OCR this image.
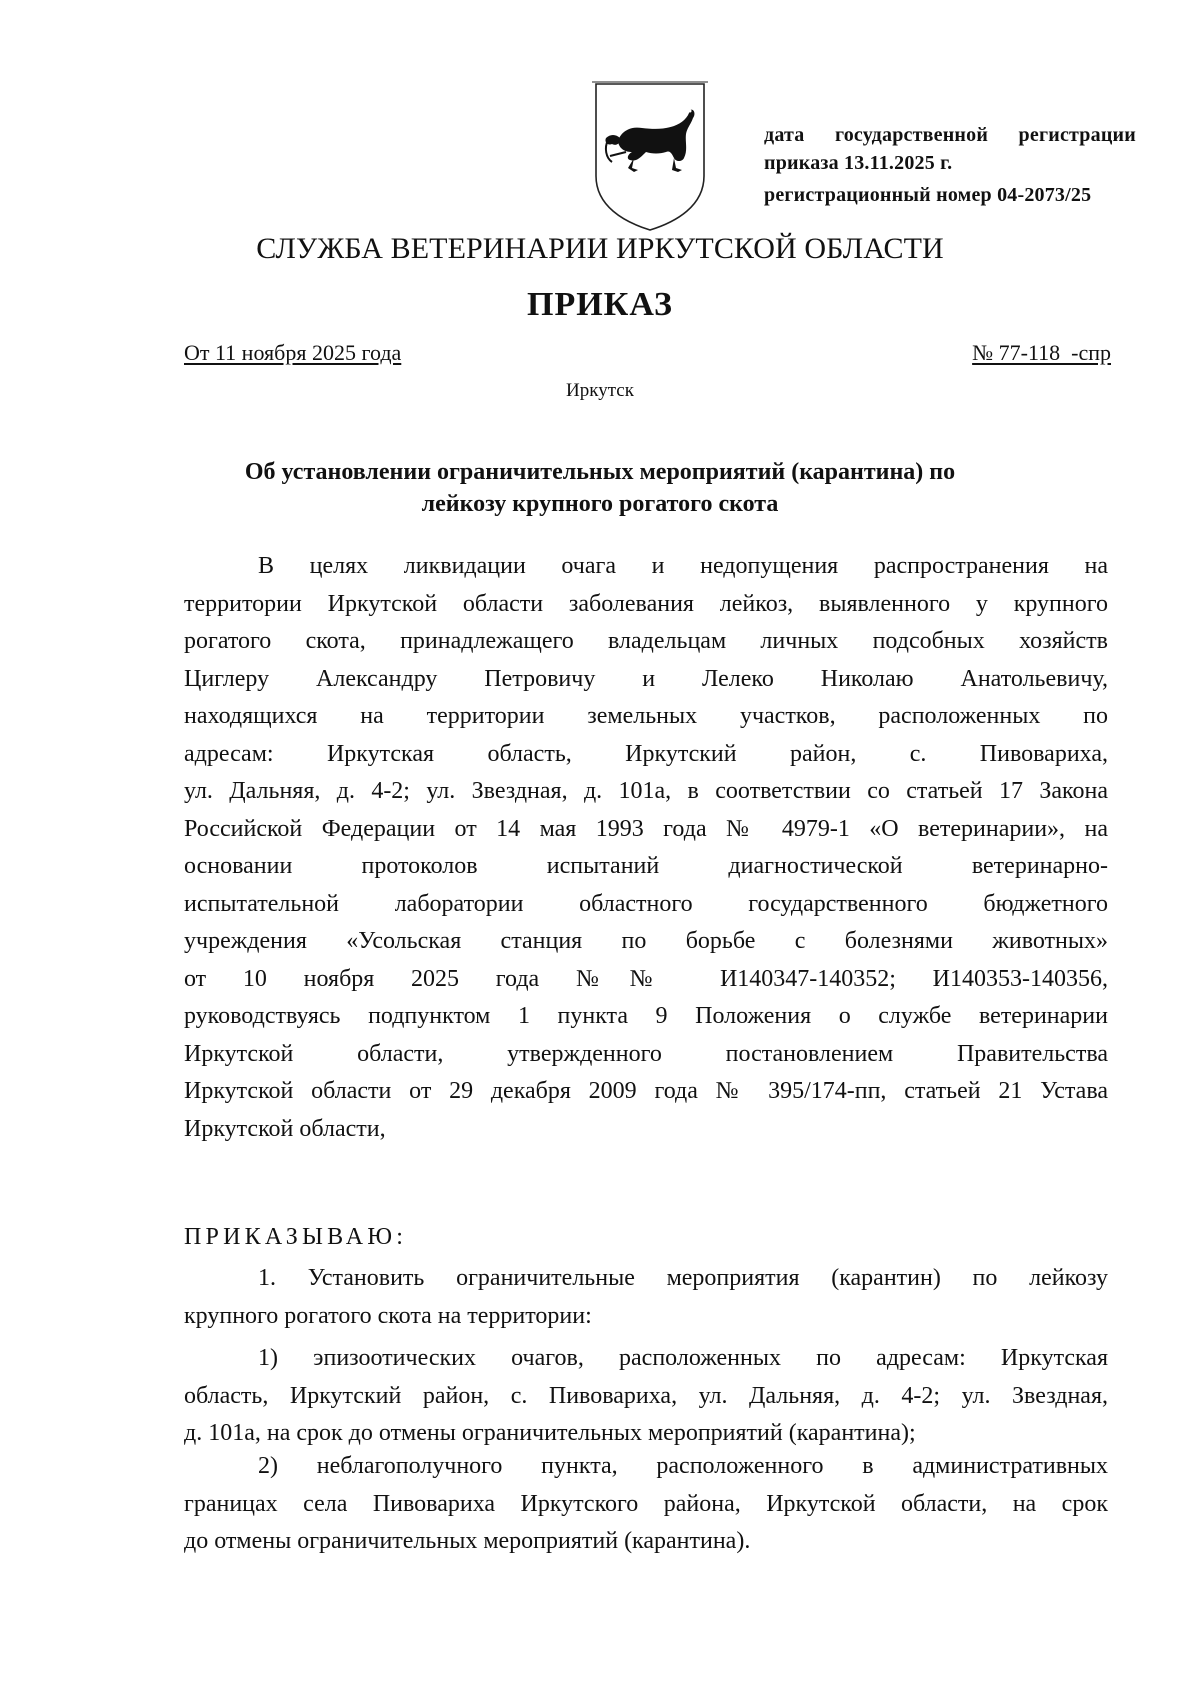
дата государственной регистрации
приказа 13.11.2025 г.
регистрационный номер 04-2073/25
СЛУЖБА ВЕТЕРИНАРИИ ИРКУТСКОЙ ОБЛАСТИ
ПРИКАЗ
От 11 ноября 2025 года	№ 77-118  -спр
Иркутск
Об установлении ограничительных мероприятий (карантина) по
лейкозу крупного рогатого скота
В целях ликвидации очага и недопущения распространения на
территории Иркутской области заболевания лейкоз, выявленного у крупного
рогатого скота, принадлежащего владельцам личных подсобных хозяйств
Циглеру Александру Петровичу и Лелеко Николаю Анатольевичу,
находящихся на территории земельных участков, расположенных по
адресам: Иркутская область, Иркутский район, с. Пивовариха,
ул. Дальняя, д. 4-2; ул. Звездная, д. 101а, в соответствии со статьей 17 Закона
Российской Федерации от 14 мая 1993 года № 4979-1 «О ветеринарии», на
основании протоколов испытаний диагностической ветеринарно-
испытательной лаборатории областного государственного бюджетного
учреждения «Усольская станция по борьбе с болезнями животных»
от 10 ноября 2025 года №№ И140347-140352; И140353-140356,
руководствуясь подпунктом 1 пункта 9 Положения о службе ветеринарии
Иркутской области, утвержденного постановлением Правительства
Иркутской области от 29 декабря 2009 года № 395/174-пп, статьей 21 Устава
Иркутской области,
ПРИКАЗЫВАЮ:
1. Установить ограничительные мероприятия (карантин) по лейкозу
крупного рогатого скота на территории:
1) эпизоотических очагов, расположенных по адресам: Иркутская
область, Иркутский район, с. Пивовариха, ул. Дальняя, д. 4-2; ул. Звездная,
д. 101а, на срок до отмены ограничительных мероприятий (карантина);
2) неблагополучного пункта, расположенного в административных
границах села Пивовариха Иркутского района, Иркутской области, на срок
до отмены ограничительных мероприятий (карантина).
